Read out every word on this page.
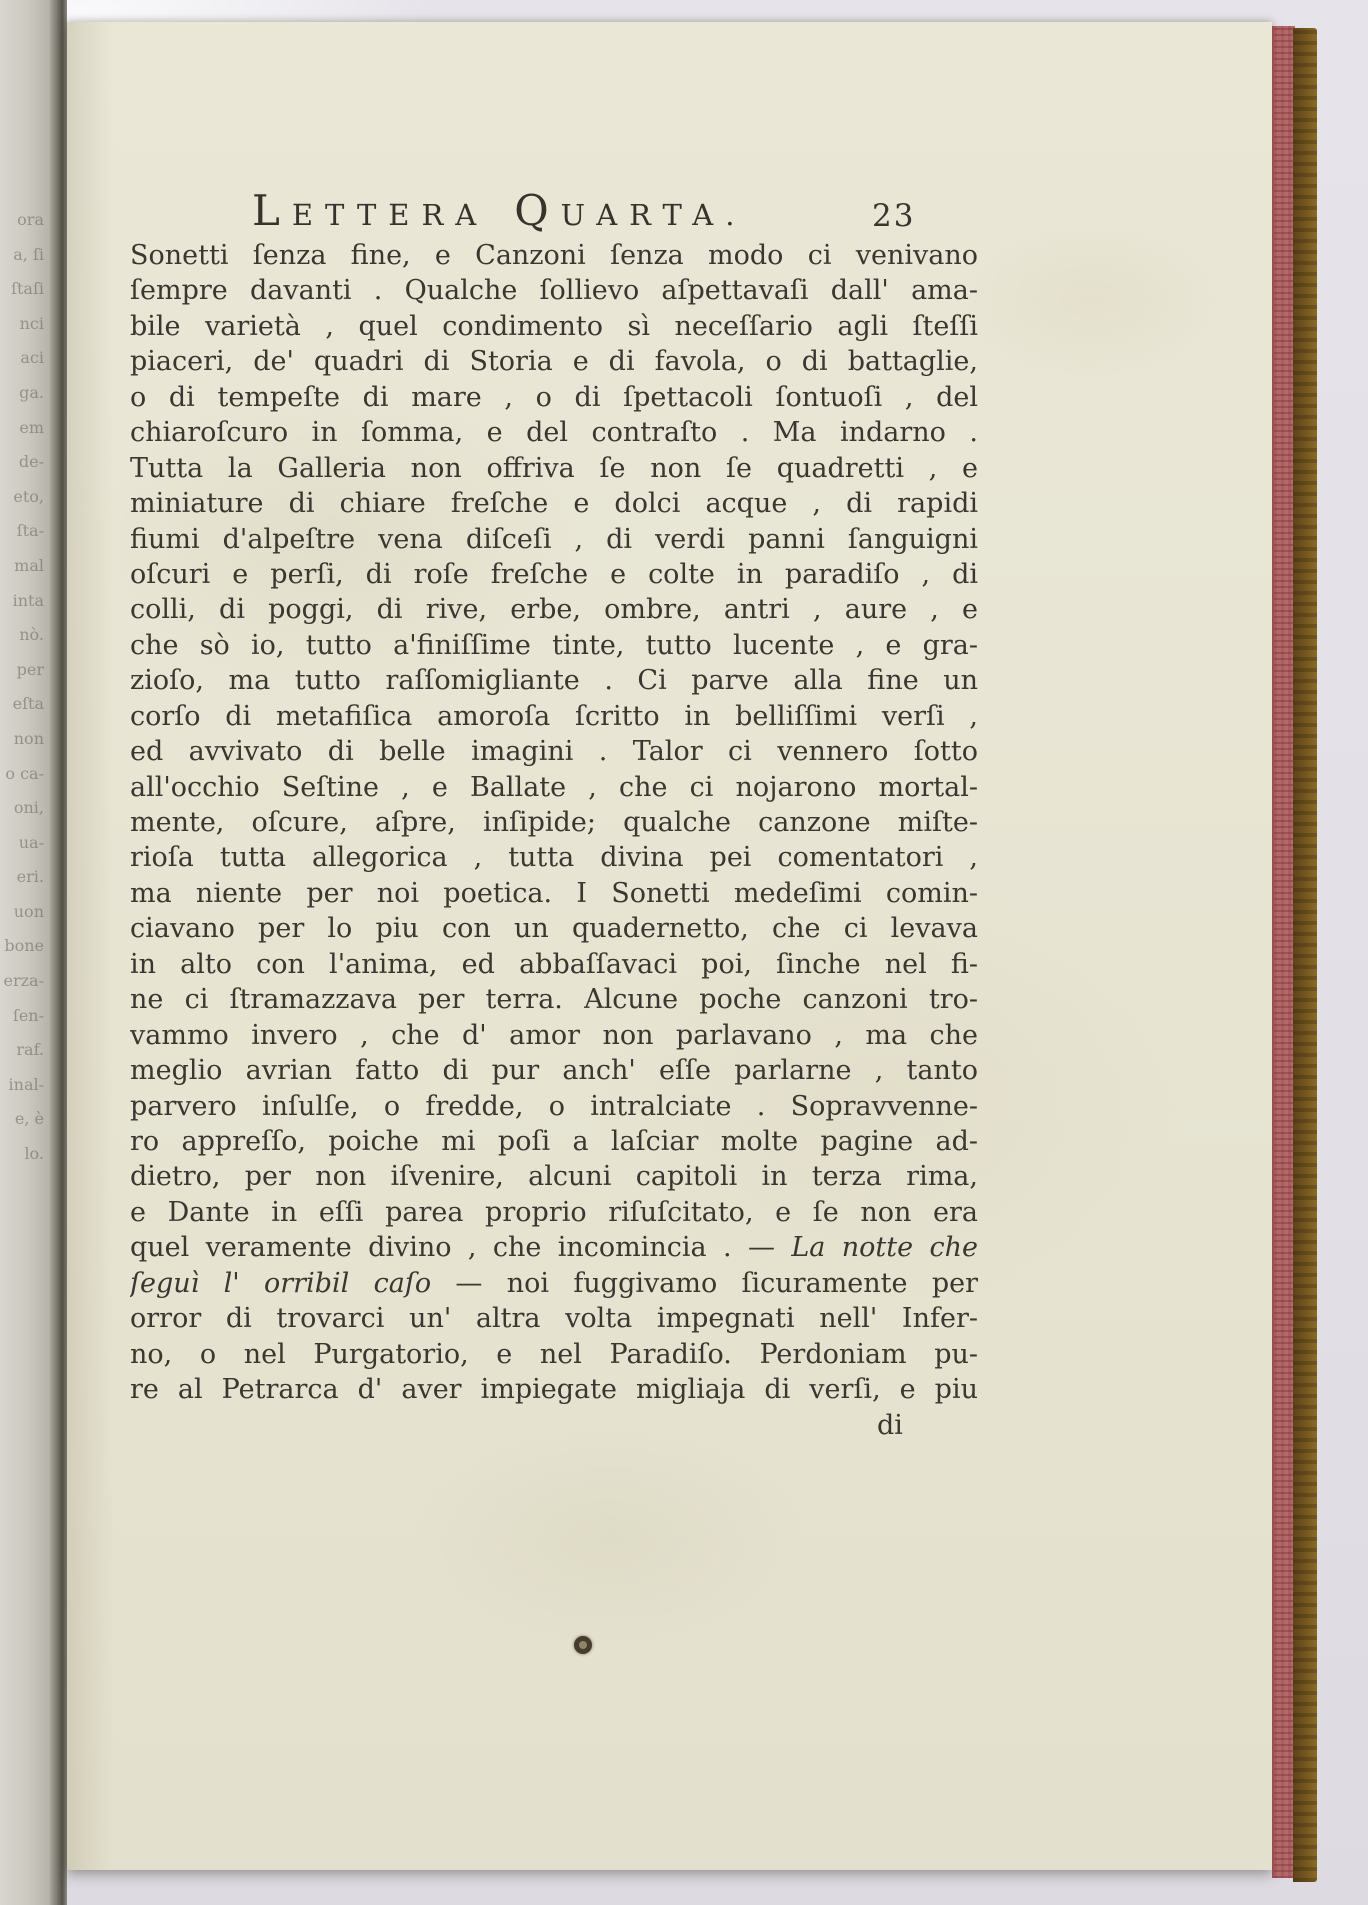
ora
a, ſi
ſtaſi
nci
aci
ga.
em
de-
eto,
ſta-
mal
inta
nò.
per
eſta
non
o ca-
oni,
ua-
eri.
uon
bone
erza-
ſen-
raf.
inal-
e, è
lo.
LETTERA QUARTA.	23
Sonetti ſenza fine, e Canzoni ſenza modo ci venivano
ſempre davanti . Qualche ſollievo aſpettavaſi dall' ama-
bile varietà , quel condimento sì neceſſario agli ſteſſi
piaceri, de' quadri di Storia e di favola, o di battaglie,
o di tempeſte di mare , o di ſpettacoli ſontuoſi , del
chiaroſcuro in ſomma, e del contraſto . Ma indarno .
Tutta la Galleria non offriva ſe non ſe quadretti , e
miniature di chiare freſche e dolci acque , di rapidi
fiumi d'alpeſtre vena diſceſi , di verdi panni ſanguigni
oſcuri e perſi, di roſe freſche e colte in paradiſo , di
colli, di poggi, di rive, erbe, ombre, antri , aure , e
che sò io, tutto a'finiſſime tinte, tutto lucente , e gra-
zioſo, ma tutto raſſomigliante . Ci parve alla fine un
corſo di metafiſica amoroſa ſcritto in belliſſimi verſi ,
ed avvivato di belle imagini . Talor ci vennero ſotto
all'occhio Seſtine , e Ballate , che ci nojarono mortal-
mente, oſcure, aſpre, inſipide; qualche canzone miſte-
rioſa tutta allegorica , tutta divina pei comentatori ,
ma niente per noi poetica. I Sonetti medeſimi comin-
ciavano per lo piu con un quadernetto, che ci levava
in alto con l'anima, ed abbaſſavaci poi, ſinche nel fi-
ne ci ſtramazzava per terra. Alcune poche canzoni tro-
vammo invero , che d' amor non parlavano , ma che
meglio avrian fatto di pur anch' eſſe parlarne , tanto
parvero inſulſe, o fredde, o intralciate . Sopravvenne-
ro appreſſo, poiche mi poſi a laſciar molte pagine ad-
dietro, per non iſvenire, alcuni capitoli in terza rima,
e Dante in eſſi parea proprio riſuſcitato, e ſe non era
quel veramente divino , che incomincia . — La notte che
ſeguì l' orribil caſo — noi fuggivamo ſicuramente per
orror di trovarci un' altra volta impegnati nell' Infer-
no, o nel Purgatorio, e nel Paradiſo. Perdoniam pu-
re al Petrarca d' aver impiegate migliaja di verſi, e piu
di
